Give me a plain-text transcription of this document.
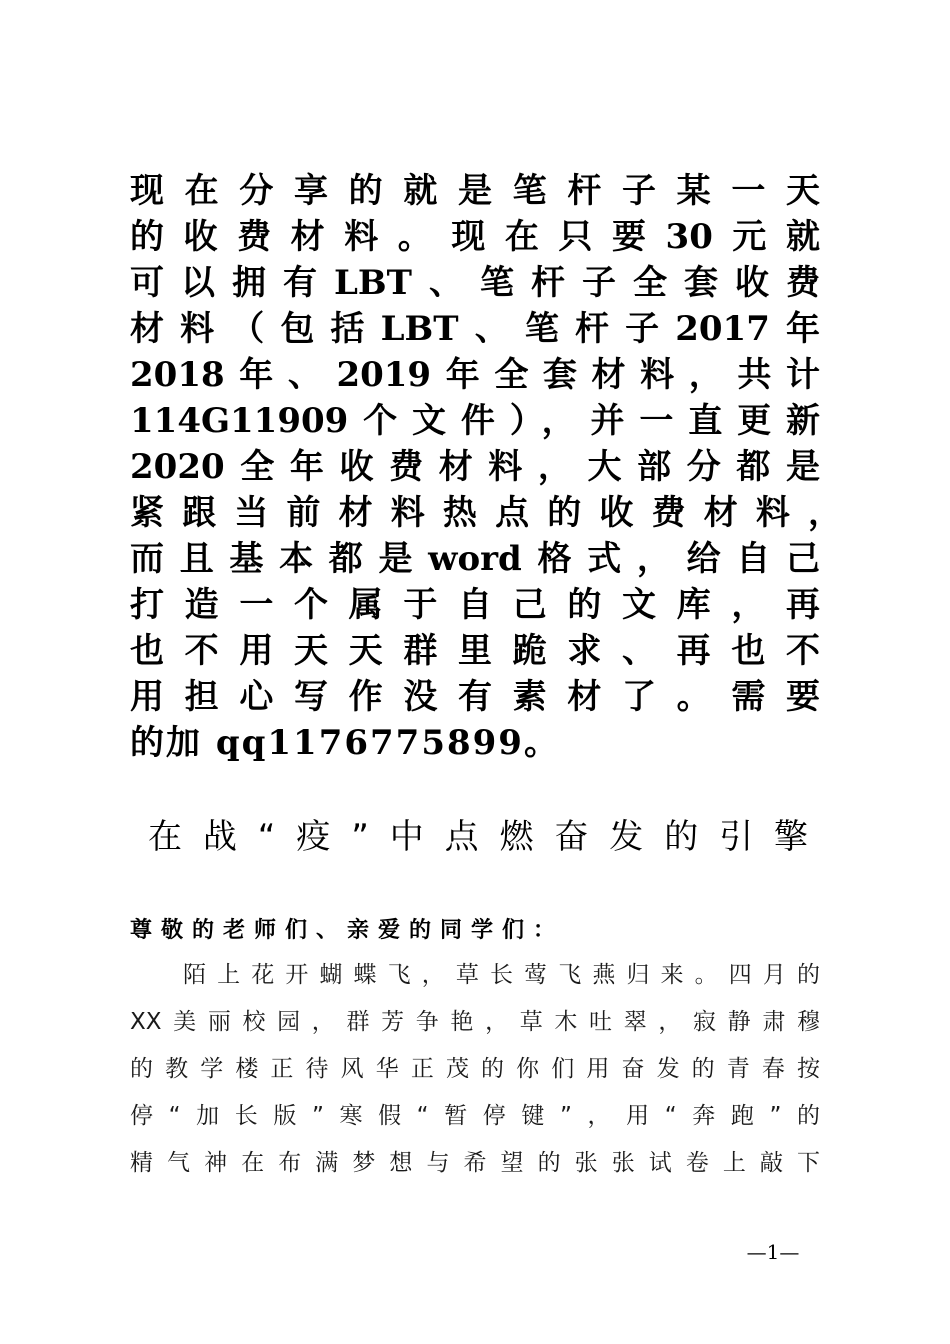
现在分享的就是笔杆子某一天
的收费材料。现在只要30元就
可以拥有LBT、笔杆子全套收费
材料（包括LBT、笔杆子2017年
2018年、2019年全套材料，共计
114G11909个文件），并一直更新
2020全年收费材料，大部分都是
紧跟当前材料热点的收费材料，
而且基本都是word格式，给自己
打造一个属于自己的文库，再
也不用天天群里跪求、再也不
用担心写作没有素材了。需要
的加 qq1176775899。
在战“疫”中点燃奋发的引擎
尊敬的老师们、亲爱的同学们：
陌上花开蝴蝶飞，草长莺飞燕归来。四月的
XX美丽校园，群芳争艳，草木吐翠，寂静肃穆
的教学楼正待风华正茂的你们用奋发的青春按
停“加长版”寒假“暂停键”，用“奔跑”的
精气神在布满梦想与希望的张张试卷上敲下
—1—
